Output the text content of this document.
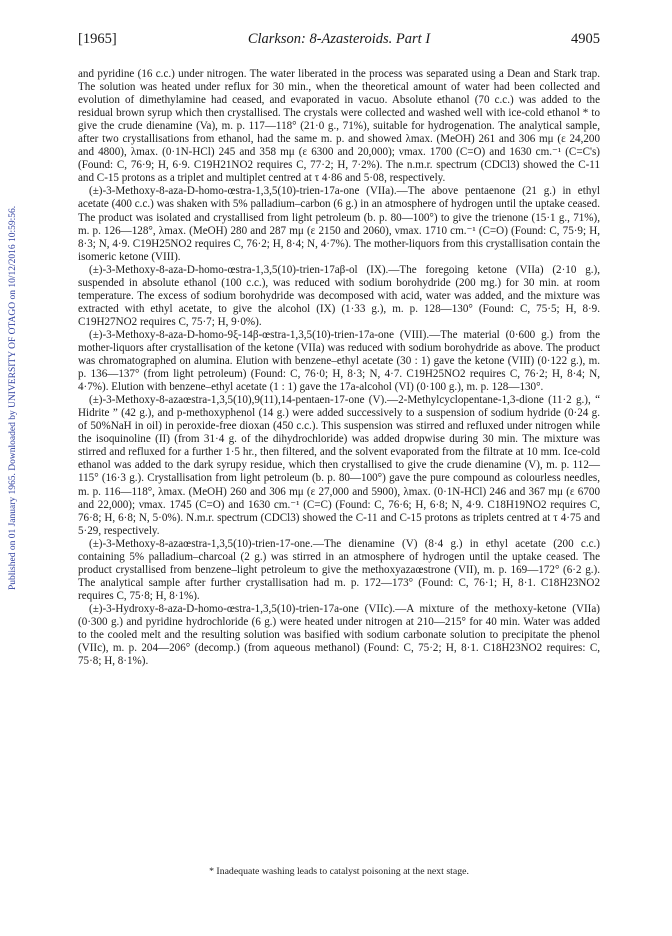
[1965]	Clarkson: 8-Azasteroids. Part I	4905
Published on 01 January 1965. Downloaded by UNIVERSITY OF OTAGO on 10/12/2016 10:59:56.

and pyridine (16 c.c.) under nitrogen. The water liberated in the process was separated using a Dean and Stark trap. The solution was heated under reflux for 30 min., when the theoretical amount of water had been collected and evolution of dimethylamine had ceased, and evaporated in vacuo. Absolute ethanol (70 c.c.) was added to the residual brown syrup which then crystallised. The crystals were collected and washed well with ice-cold ethanol * to give the crude dienamine (Va), m. p. 117—118° (21·0 g., 71%), suitable for hydrogenation. The analytical sample, after two crystallisations from ethanol, had the same m. p. and showed λmax. (MeOH) 261 and 306 mμ (ε 24,200 and 4800), λmax. (0·1N-HCl) 245 and 358 mμ (ε 6300 and 20,000); νmax. 1700 (C=O) and 1630 cm.⁻¹ (C=C's) (Found: C, 76·9; H, 6·9. C19H21NO2 requires C, 77·2; H, 7·2%). The n.m.r. spectrum (CDCl3) showed the C-11 and C-15 protons as a triplet and multiplet centred at τ 4·86 and 5·08, respectively.

(±)-3-Methoxy-8-aza-D-homo-œstra-1,3,5(10)-trien-17a-one (VIIa).—The above pentaenone (21 g.) in ethyl acetate (400 c.c.) was shaken with 5% palladium–carbon (6 g.) in an atmosphere of hydrogen until the uptake ceased. The product was isolated and crystallised from light petroleum (b. p. 80—100°) to give the trienone (15·1 g., 71%), m. p. 126—128°, λmax. (MeOH) 280 and 287 mμ (ε 2150 and 2060), νmax. 1710 cm.⁻¹ (C=O) (Found: C, 75·9; H, 8·3; N, 4·9. C19H25NO2 requires C, 76·2; H, 8·4; N, 4·7%). The mother-liquors from this crystallisation contain the isomeric ketone (VIII).

(±)-3-Methoxy-8-aza-D-homo-œstra-1,3,5(10)-trien-17aβ-ol (IX).—The foregoing ketone (VIIa) (2·10 g.), suspended in absolute ethanol (100 c.c.), was reduced with sodium borohydride (200 mg.) for 30 min. at room temperature. The excess of sodium borohydride was decomposed with acid, water was added, and the mixture was extracted with ethyl acetate, to give the alcohol (IX) (1·33 g.), m. p. 128—130° (Found: C, 75·5; H, 8·9. C19H27NO2 requires C, 75·7; H, 9·0%).

(±)-3-Methoxy-8-aza-D-homo-9ξ-14β-œstra-1,3,5(10)-trien-17a-one (VIII).—The material (0·600 g.) from the mother-liquors after crystallisation of the ketone (VIIa) was reduced with sodium borohydride as above. The product was chromatographed on alumina. Elution with benzene–ethyl acetate (30 : 1) gave the ketone (VIII) (0·122 g.), m. p. 136—137° (from light petroleum) (Found: C, 76·0; H, 8·3; N, 4·7. C19H25NO2 requires C, 76·2; H, 8·4; N, 4·7%). Elution with benzene–ethyl acetate (1 : 1) gave the 17a-alcohol (VI) (0·100 g.), m. p. 128—130°.

(±)-3-Methoxy-8-azaœstra-1,3,5(10),9(11),14-pentaen-17-one (V).—2-Methylcyclopentane-1,3-dione (11·2 g.), “ Hidrite ” (42 g.), and p-methoxyphenol (14 g.) were added successively to a suspension of sodium hydride (0·24 g. of 50%NaH in oil) in peroxide-free dioxan (450 c.c.). This suspension was stirred and refluxed under nitrogen while the isoquinoline (II) (from 31·4 g. of the dihydrochloride) was added dropwise during 30 min. The mixture was stirred and refluxed for a further 1·5 hr., then filtered, and the solvent evaporated from the filtrate at 10 mm. Ice-cold ethanol was added to the dark syrupy residue, which then crystallised to give the crude dienamine (V), m. p. 112—115° (16·3 g.). Crystallisation from light petroleum (b. p. 80—100°) gave the pure compound as colourless needles, m. p. 116—118°, λmax. (MeOH) 260 and 306 mμ (ε 27,000 and 5900), λmax. (0·1N-HCl) 246 and 367 mμ (ε 6700 and 22,000); νmax. 1745 (C=O) and 1630 cm.⁻¹ (C=C) (Found: C, 76·6; H, 6·8; N, 4·9. C18H19NO2 requires C, 76·8; H, 6·8; N, 5·0%). N.m.r. spectrum (CDCl3) showed the C-11 and C-15 protons as triplets centred at τ 4·75 and 5·29, respectively.

(±)-3-Methoxy-8-azaœstra-1,3,5(10)-trien-17-one.—The dienamine (V) (8·4 g.) in ethyl acetate (200 c.c.) containing 5% palladium–charcoal (2 g.) was stirred in an atmosphere of hydrogen until the uptake ceased. The product crystallised from benzene–light petroleum to give the methoxyazaœstrone (VII), m. p. 169—172° (6·2 g.). The analytical sample after further crystallisation had m. p. 172—173° (Found: C, 76·1; H, 8·1. C18H23NO2 requires C, 75·8; H, 8·1%).

(±)-3-Hydroxy-8-aza-D-homo-œstra-1,3,5(10)-trien-17a-one (VIIc).—A mixture of the methoxy-ketone (VIIa) (0·300 g.) and pyridine hydrochloride (6 g.) were heated under nitrogen at 210—215° for 40 min. Water was added to the cooled melt and the resulting solution was basified with sodium carbonate solution to precipitate the phenol (VIIc), m. p. 204—206° (decomp.) (from aqueous methanol) (Found: C, 75·2; H, 8·1. C18H23NO2 requires: C, 75·8; H, 8·1%).

* Inadequate washing leads to catalyst poisoning at the next stage.
